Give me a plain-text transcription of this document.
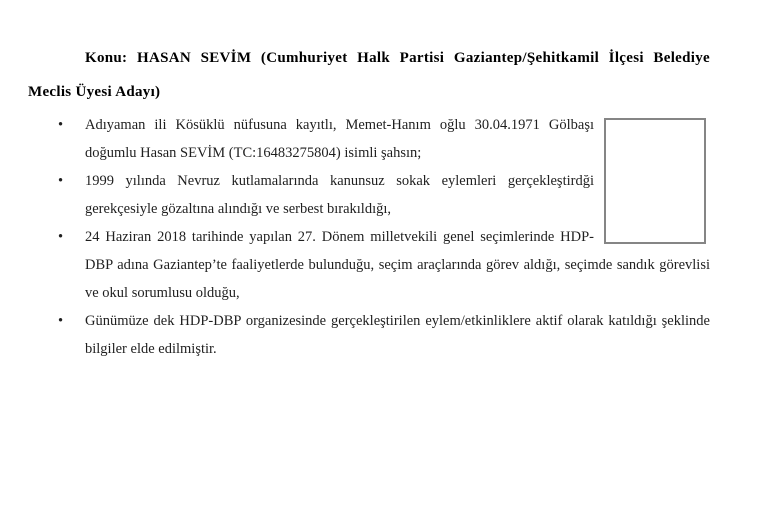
Konu: HASAN SEVİM (Cumhuriyet Halk Partisi Gaziantep/Şehitkamil İlçesi Belediye Meclis Üyesi Adayı)

• Adıyaman ili Kösüklü nüfusuna kayıtlı, Memet-Hanım oğlu 30.04.1971 Gölbaşı doğumlu Hasan SEVİM (TC:16483275804) isimli şahsın;

• 1999 yılında Nevruz kutlamalarında kanunsuz sokak eylemleri gerçekleştirdği gerekçesiyle gözaltına alındığı ve serbest bırakıldığı,

• 24 Haziran 2018 tarihinde yapılan 27. Dönem milletvekili genel seçimlerinde HDP-DBP adına Gaziantep’te faaliyetlerde bulunduğu, seçim araçlarında görev aldığı, seçimde sandık görevlisi ve okul sorumlusu olduğu,

• Günümüze dek HDP-DBP organizesinde gerçekleştirilen eylem/etkinliklere aktif olarak katıldığı şeklinde bilgiler elde edilmiştir.
